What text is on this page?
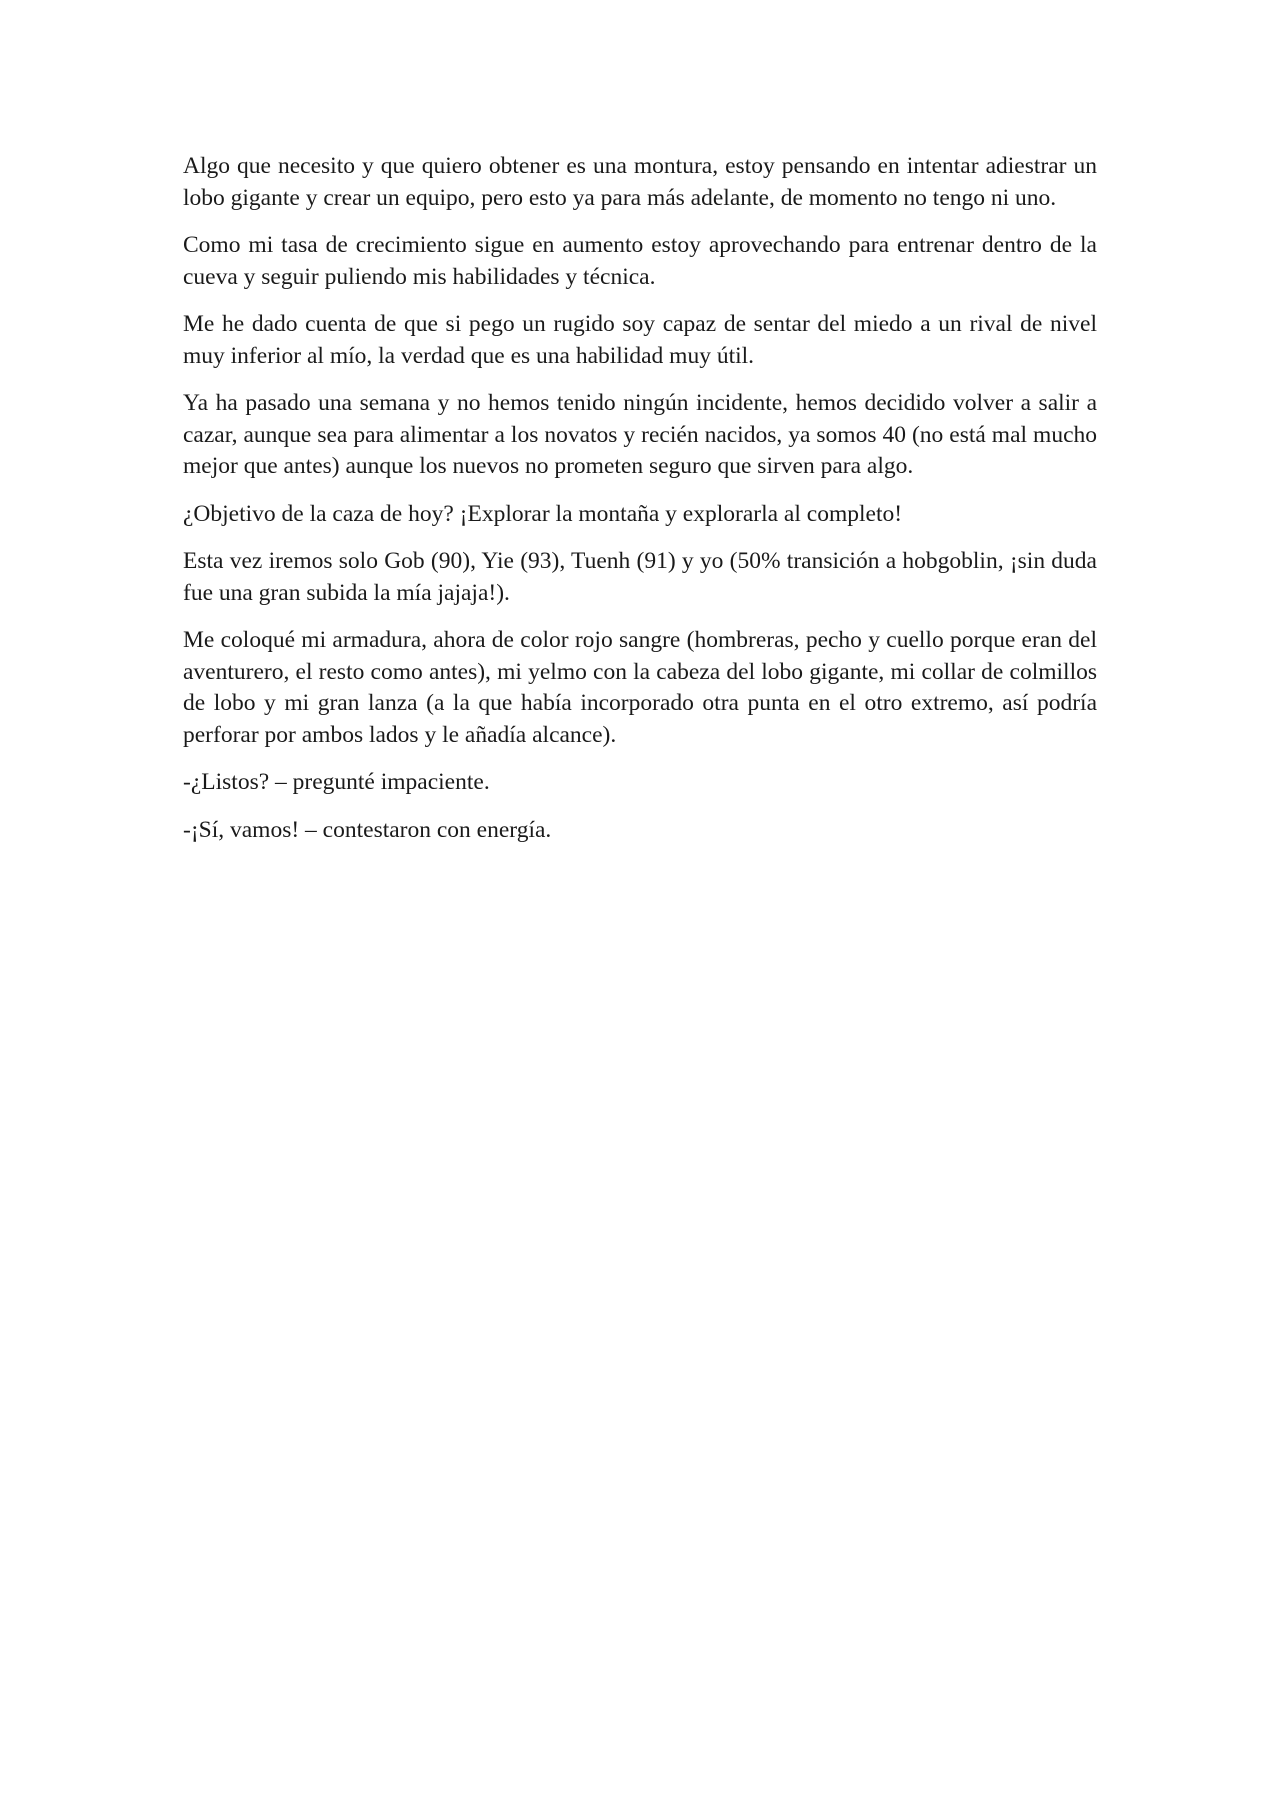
Algo que necesito y que quiero obtener es una montura, estoy pensando en intentar adiestrar un lobo gigante y crear un equipo, pero esto ya para más adelante, de momento no tengo ni uno.

Como mi tasa de crecimiento sigue en aumento estoy aprovechando para entrenar dentro de la cueva y seguir puliendo mis habilidades y técnica.

Me he dado cuenta de que si pego un rugido soy capaz de sentar del miedo a un rival de nivel muy inferior al mío, la verdad que es una habilidad muy útil.

Ya ha pasado una semana y no hemos tenido ningún incidente, hemos decidido volver a salir a cazar, aunque sea para alimentar a los novatos y recién nacidos, ya somos 40 (no está mal mucho mejor que antes) aunque los nuevos no prometen seguro que sirven para algo.

¿Objetivo de la caza de hoy? ¡Explorar la montaña y explorarla al completo!

Esta vez iremos solo Gob (90), Yie (93), Tuenh (91) y yo (50% transición a hobgoblin, ¡sin duda fue una gran subida la mía jajaja!).

Me coloqué mi armadura, ahora de color rojo sangre (hombreras, pecho y cuello porque eran del aventurero, el resto como antes), mi yelmo con la cabeza del lobo gigante, mi collar de colmillos de lobo y mi gran lanza (a la que había incorporado otra punta en el otro extremo, así podría perforar por ambos lados y le añadía alcance).

-¿Listos? – pregunté impaciente.

-¡Sí, vamos! – contestaron con energía.
